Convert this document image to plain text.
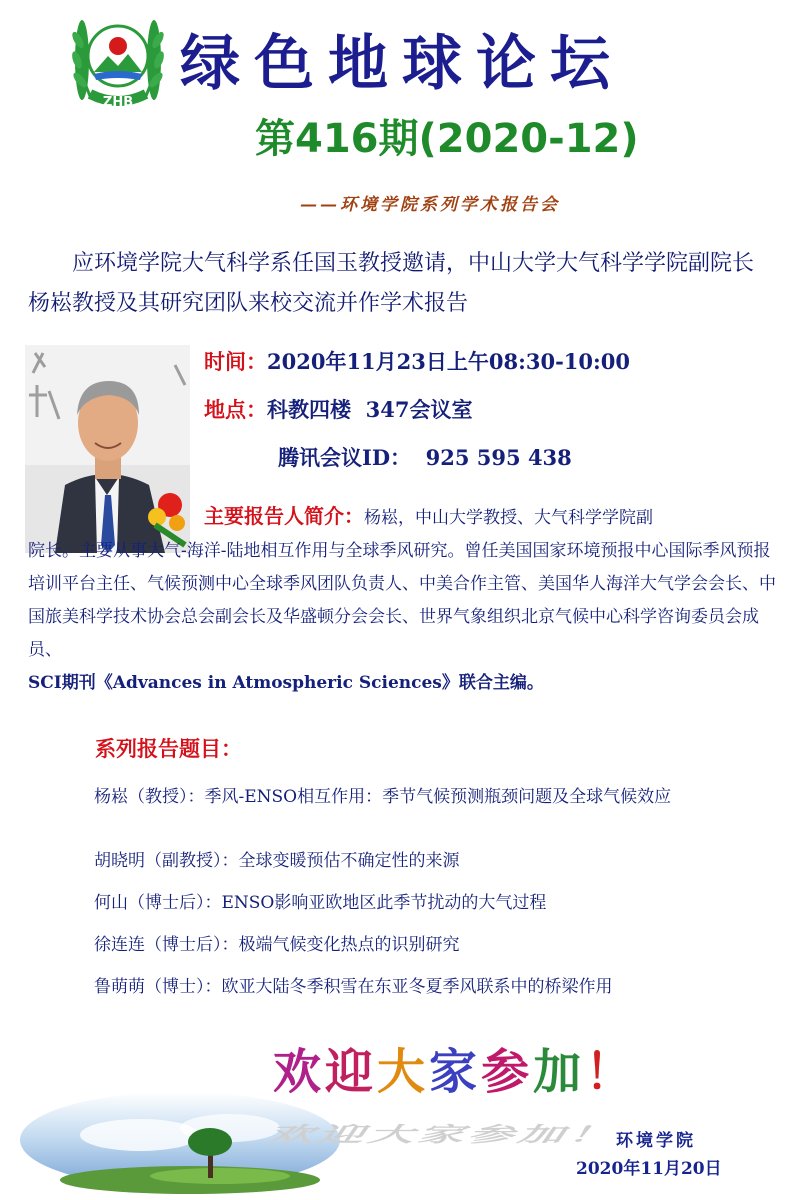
ZHB
绿色地球论坛
第416期(2020-12)
——环境学院系列学术报告会
应环境学院大气科学系任国玉教授邀请，中山大学大气科学学院副院长杨崧教授及其研究团队来校交流并作学术报告
时间：2020年11月23日上午08:30-10:00
地点：科教四楼  347会议室
腾讯会议ID：  925 595 438
主要报告人简介：杨崧，中山大学教授、大气科学学院副
院长。主要从事大气-海洋-陆地相互作用与全球季风研究。曾任美国国家环境预报中心国际季风预报 培训平台主任、气候预测中心全球季风团队负责人、中美合作主管、美国华人海洋大气学会会长、中国旅美科学技术协会总会副会长及华盛顿分会会长、世界气象组织北京气候中心科学咨询委员会成员、
SCI期刊《Advances in Atmospheric Sciences》联合主编。
系列报告题目：
杨崧（教授）：季风-ENSO相互作用：季节气候预测瓶颈问题及全球气候效应
胡晓明（副教授）：全球变暖预估不确定性的来源
何山（博士后）：ENSO影响亚欧地区此季节扰动的大气过程
徐连连（博士后）：极端气候变化热点的识别研究
鲁萌萌（博士）：欧亚大陆冬季积雪在东亚冬夏季风联系中的桥梁作用
欢迎大家参加！
欢迎大家参加！
环境学院
2020年11月20日
